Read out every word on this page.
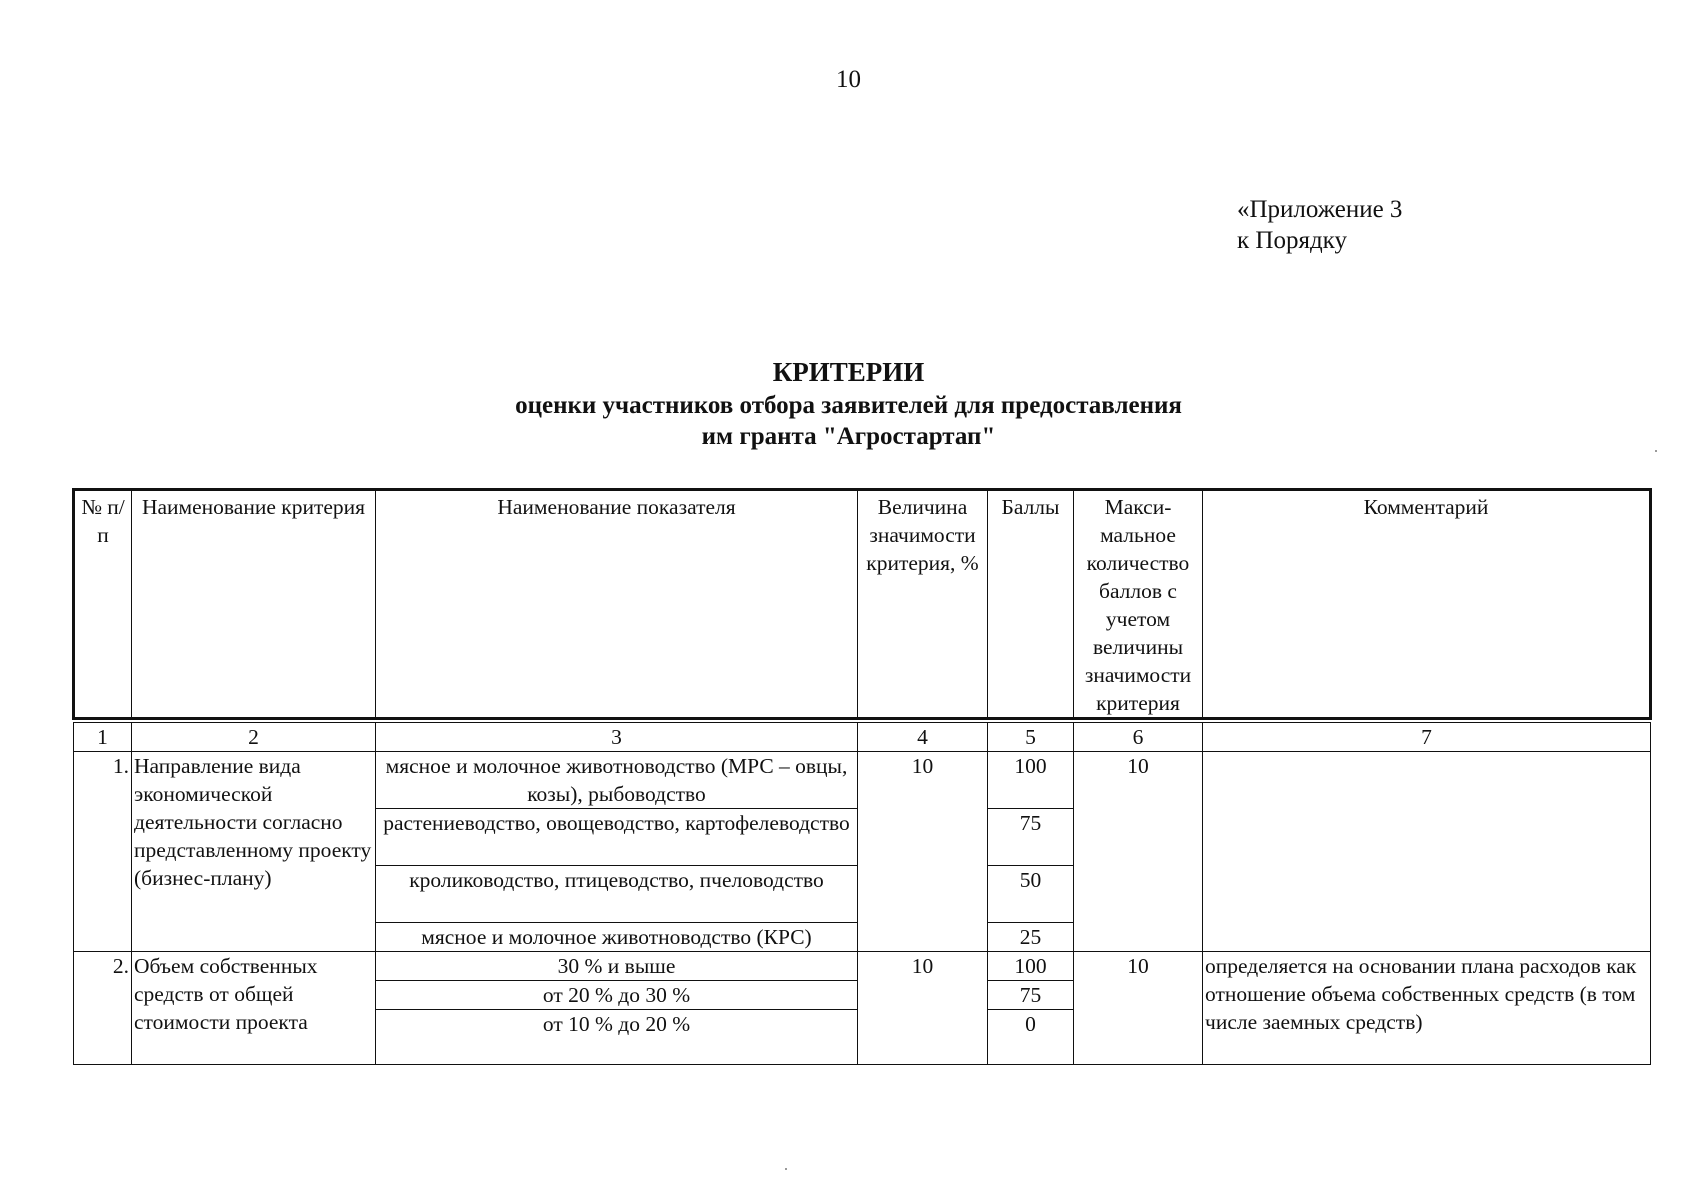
10
«Приложение 3
к Порядку
КРИТЕРИИ
оценки участников отбора заявителей для предоставления
им гранта "Агростартап"
№ п/п	Наименование критерия	Наименование показателя	Величина значимости критерия, %	Баллы	Макси-мальное количество баллов с учетом величины значимости критерия	Комментарий

1	2	3	4	5	6	7
1.	Направление вида экономической деятельности согласно представленному проекту (бизнес-плану)	мясное и молочное животноводство (МРС – овцы, козы), рыбоводство	10	100	10	
		растениеводство, овощеводство, картофелеводство		75		
		кролиководство, птицеводство, пчеловодство		50		
		мясное и молочное животноводство (КРС)		25		
2.	Объем собственных средств от общей стоимости проекта	30 % и выше	10	100	10	определяется на основании плана расходов как отношение объема собственных средств (в том числе заемных средств)
		от 20 % до 30 %		75		
		от 10 % до 20 %		0		
